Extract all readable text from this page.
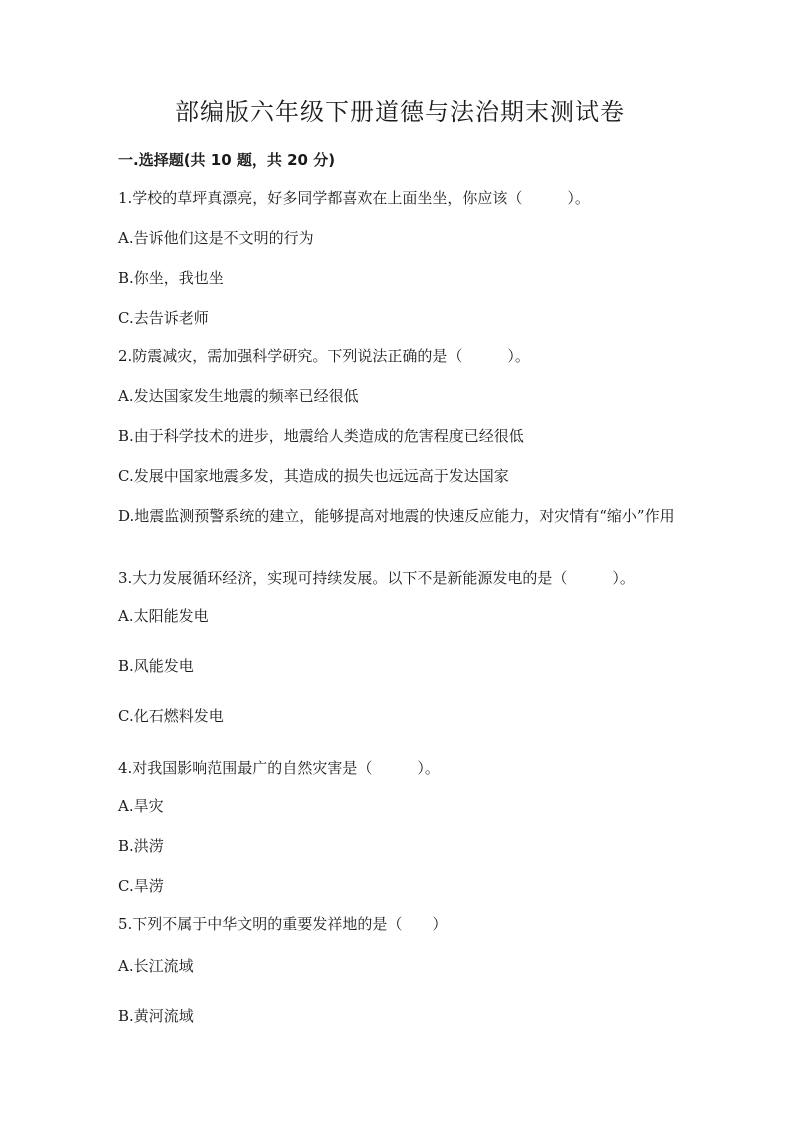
部编版六年级下册道德与法治期末测试卷
一.选择题(共 10 题，共 20 分)
1.学校的草坪真漂亮，好多同学都喜欢在上面坐坐，你应该（　　　）。
A.告诉他们这是不文明的行为
B.你坐，我也坐
C.去告诉老师
2.防震减灾，需加强科学研究。下列说法正确的是（　　　）。
A.发达国家发生地震的频率已经很低
B.由于科学技术的进步，地震给人类造成的危害程度已经很低
C.发展中国家地震多发，其造成的损失也远远高于发达国家
D.地震监测预警系统的建立，能够提高对地震的快速反应能力，对灾情有“缩小”作用
3.大力发展循环经济，实现可持续发展。以下不是新能源发电的是（　　　）。
A.太阳能发电
B.风能发电
C.化石燃料发电
4.对我国影响范围最广的自然灾害是（　　　）。
A.旱灾
B.洪涝
C.旱涝
5.下列不属于中华文明的重要发祥地的是（　　）
A.长江流域
B.黄河流域
